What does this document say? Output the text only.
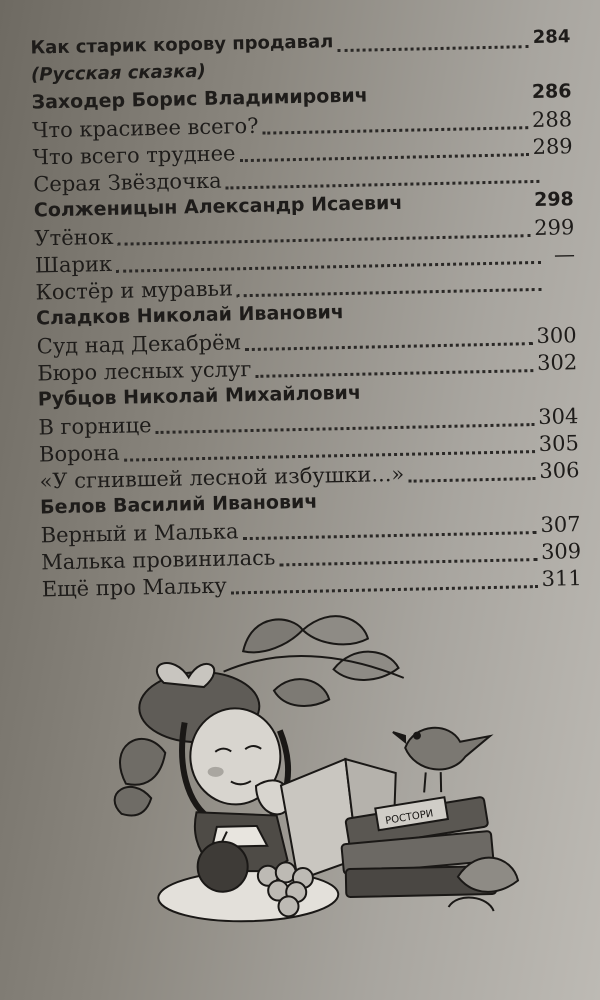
Как старик корову продавал	284
(Русская сказка)
Заходер Борис Владимирович	286
Что красивее всего?	288
Что всего труднее	289
Серая Звёздочка
Солженицын Александр Исаевич	298
Утёнок	299
Шарик	—
Костёр и муравьи
Сладков Николай Иванович
Суд над Декабрём	300
Бюро лесных услуг	302
Рубцов Николай Михайлович
В горнице	304
Ворона	305
«У сгнившей лесной избушки...»	306
Белов Василий Иванович
Верный и Малька	307
Малька провинилась	309
Ещё про Мальку	311
РОСТОРИ
